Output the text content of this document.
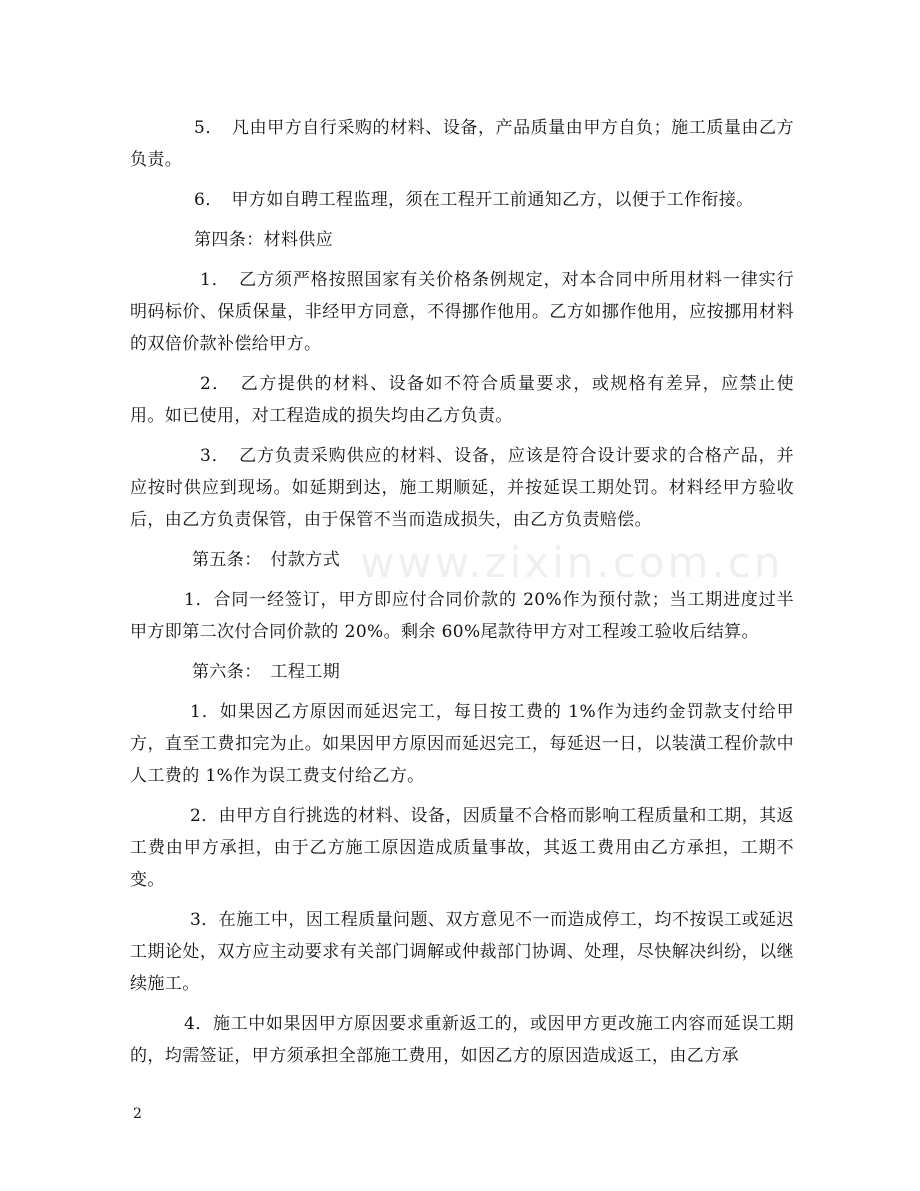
5．　凡由甲方自行采购的材料、设备，产品质量由甲方自负；施工质量由乙方负责。

6．　甲方如自聘工程监理，须在工程开工前通知乙方，以便于工作衔接。

第四条：材料供应

1．　乙方须严格按照国家有关价格条例规定，对本合同中所用材料一律实行明码标价、保质保量，非经甲方同意，不得挪作他用。乙方如挪作他用，应按挪用材料的双倍价款补偿给甲方。

2．　乙方提供的材料、设备如不符合质量要求，或规格有差异，应禁止使用。如已使用，对工程造成的损失均由乙方负责。

3．　乙方负责采购供应的材料、设备，应该是符合设计要求的合格产品，并应按时供应到现场。如延期到达，施工期顺延，并按延误工期处罚。材料经甲方验收后，由乙方负责保管，由于保管不当而造成损失，由乙方负责赔偿。

第五条：　付款方式

1．合同一经签订，甲方即应付合同价款的 20%作为预付款；当工期进度过半甲方即第二次付合同价款的 20%。剩余 60%尾款待甲方对工程竣工验收后结算。

第六条：　工程工期

1．如果因乙方原因而延迟完工，每日按工费的 1%作为违约金罚款支付给甲方，直至工费扣完为止。如果因甲方原因而延迟完工，每延迟一日，以装潢工程价款中人工费的 1%作为误工费支付给乙方。

2．由甲方自行挑选的材料、设备，因质量不合格而影响工程质量和工期，其返工费由甲方承担，由于乙方施工原因造成质量事故，其返工费用由乙方承担，工期不变。

3．在施工中，因工程质量问题、双方意见不一而造成停工，均不按误工或延迟工期论处，双方应主动要求有关部门调解或仲裁部门协调、处理，尽快解决纠纷，以继续施工。

4．施工中如果因甲方原因要求重新返工的，或因甲方更改施工内容而延误工期的，均需签证，甲方须承担全部施工费用，如因乙方的原因造成返工，由乙方承

www.zixin.com.cn
2
